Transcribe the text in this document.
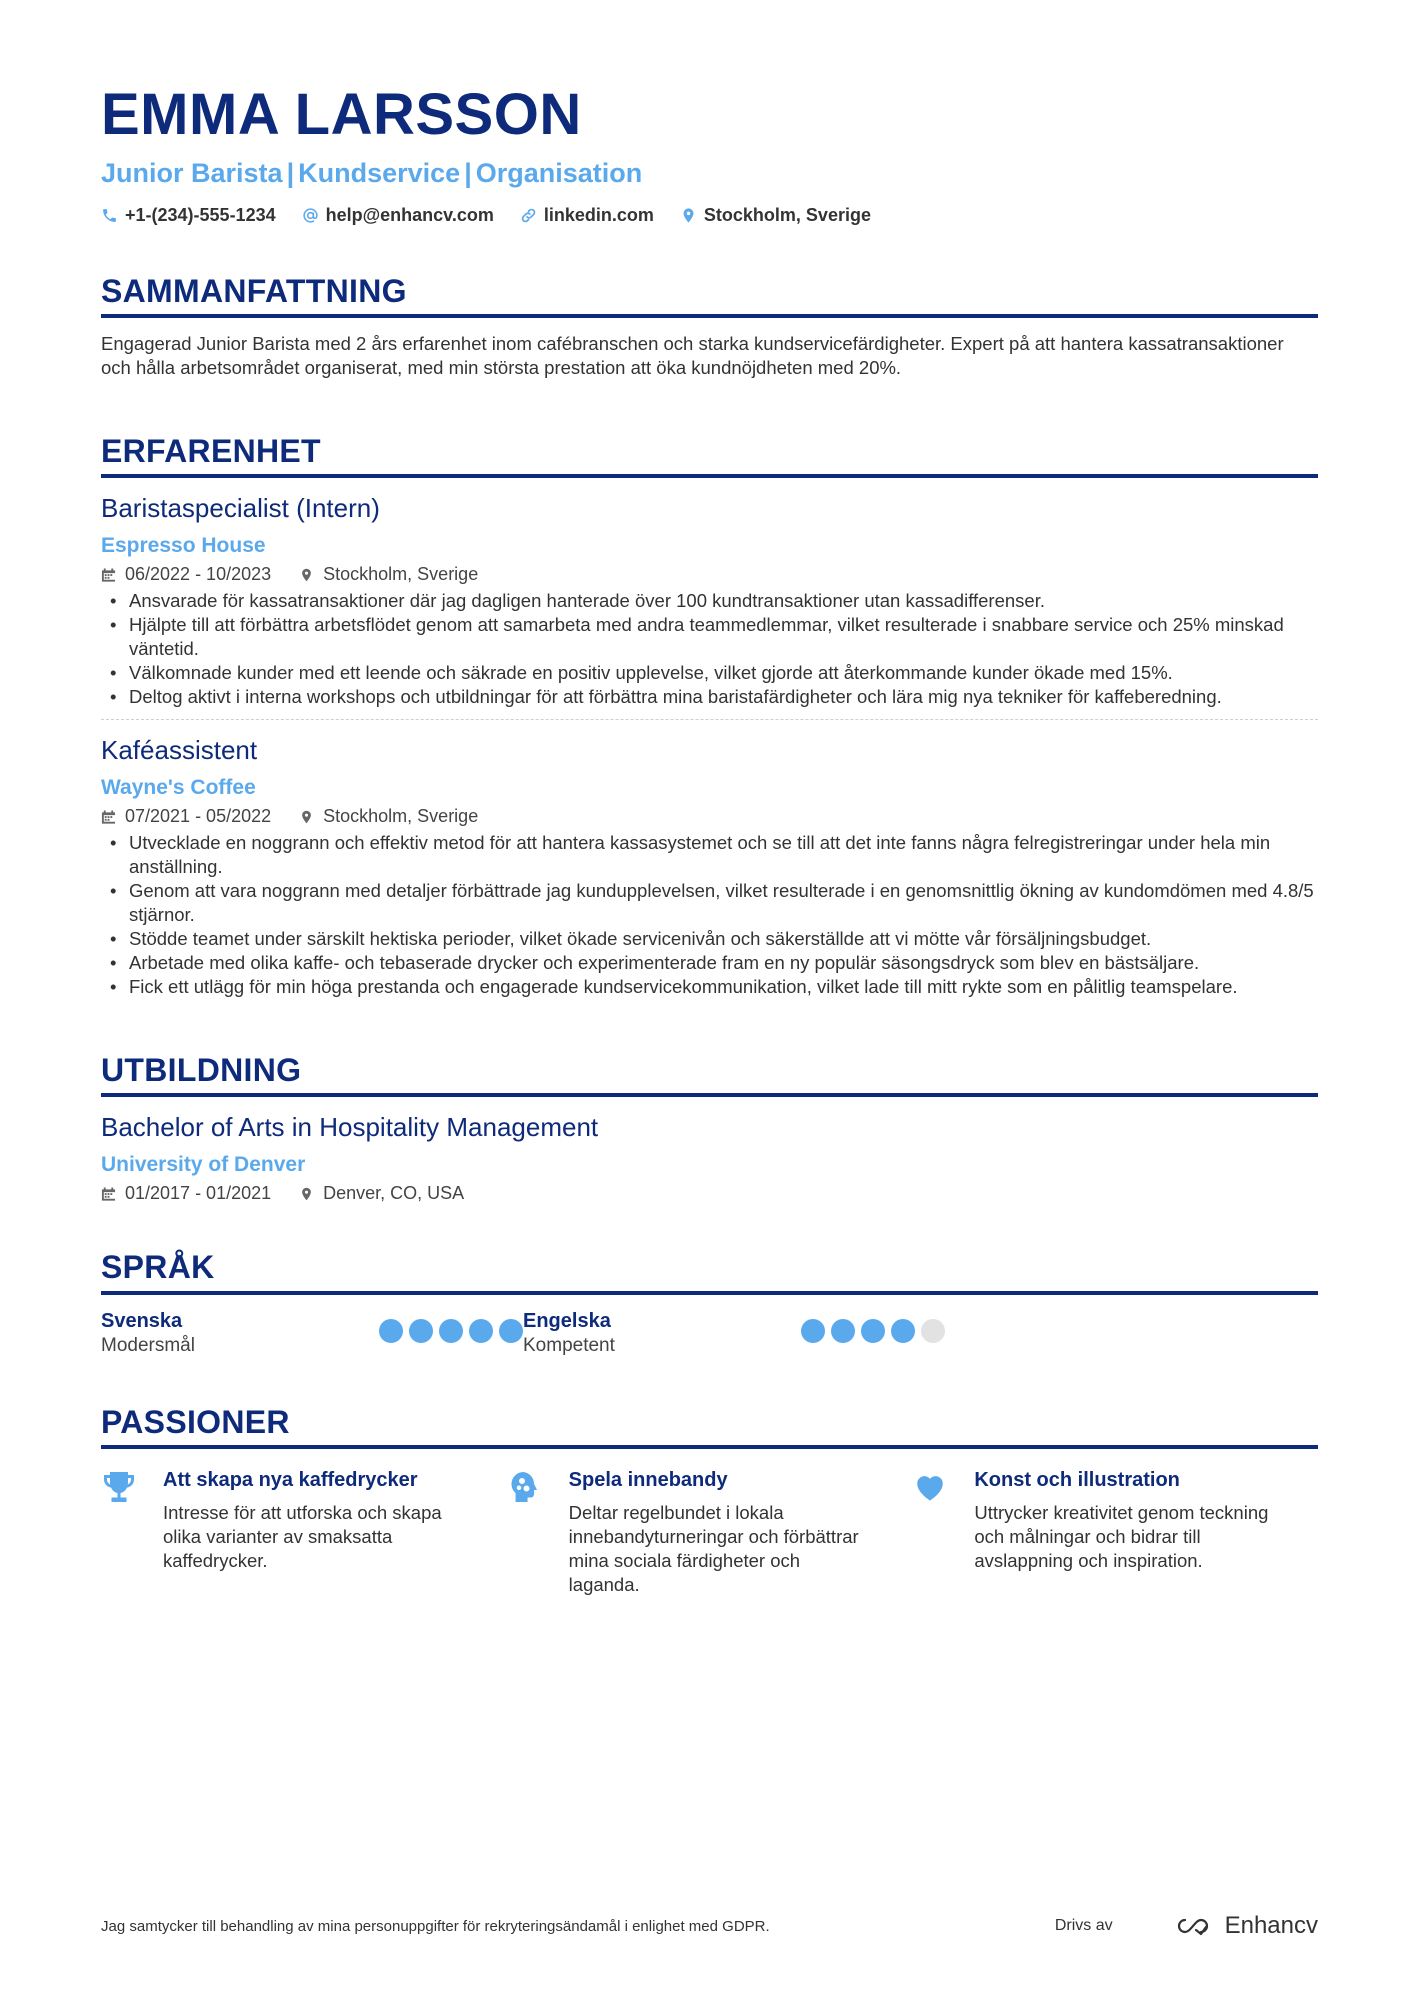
EMMA LARSSON
Junior Barista | Kundservice | Organisation
+1-(234)-555-1234	help@enhancv.com	linkedin.com	Stockholm, Sverige
SAMMANFATTNING
Engagerad Junior Barista med 2 års erfarenhet inom cafébranschen och starka kundservicefärdigheter. Expert på att hantera kassatransaktioner och hålla arbetsområdet organiserat, med min största prestation att öka kundnöjdheten med 20%.
ERFARENHET
Baristaspecialist (Intern)
Espresso House
06/2022 - 10/2023	Stockholm, Sverige
• Ansvarade för kassatransaktioner där jag dagligen hanterade över 100 kundtransaktioner utan kassadifferenser.
• Hjälpte till att förbättra arbetsflödet genom att samarbeta med andra teammedlemmar, vilket resulterade i snabbare service och 25% minskad väntetid.
• Välkomnade kunder med ett leende och säkrade en positiv upplevelse, vilket gjorde att återkommande kunder ökade med 15%.
• Deltog aktivt i interna workshops och utbildningar för att förbättra mina baristafärdigheter och lära mig nya tekniker för kaffeberedning.
Kaféassistent
Wayne's Coffee
07/2021 - 05/2022	Stockholm, Sverige
• Utvecklade en noggrann och effektiv metod för att hantera kassasystemet och se till att det inte fanns några felregistreringar under hela min anställning.
• Genom att vara noggrann med detaljer förbättrade jag kundupplevelsen, vilket resulterade i en genomsnittlig ökning av kundomdömen med 4.8/5 stjärnor.
• Stödde teamet under särskilt hektiska perioder, vilket ökade servicenivån och säkerställde att vi mötte vår försäljningsbudget.
• Arbetade med olika kaffe- och tebaserade drycker och experimenterade fram en ny populär säsongsdryck som blev en bästsäljare.
• Fick ett utlägg för min höga prestanda och engagerade kundservicekommunikation, vilket lade till mitt rykte som en pålitlig teamspelare.
UTBILDNING
Bachelor of Arts in Hospitality Management
University of Denver
01/2017 - 01/2021	Denver, CO, USA
SPRÅK
Svenska
Modersmål
Engelska
Kompetent
PASSIONER
Att skapa nya kaffedrycker
Intresse för att utforska och skapa olika varianter av smaksatta kaffedrycker.
Spela innebandy
Deltar regelbundet i lokala innebandyturneringar och förbättrar mina sociala färdigheter och laganda.
Konst och illustration
Uttrycker kreativitet genom teckning och målningar och bidrar till avslappning och inspiration.
Jag samtycker till behandling av mina personuppgifter för rekryteringsändamål i enlighet med GDPR.	Drivs av	Enhancv
